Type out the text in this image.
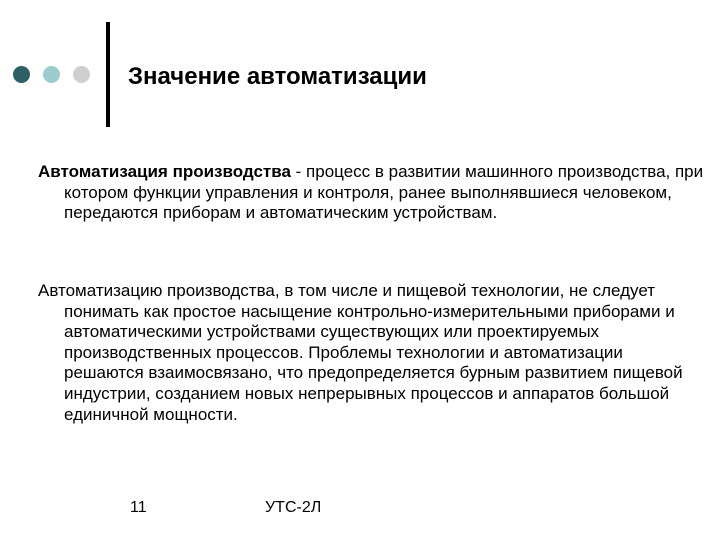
Значение автоматизации
Автоматизация производства - процесс в развитии машинного производства, при котором функции управления и контроля, ранее выполнявшиеся человеком, передаются приборам и автоматическим устройствам.
Автоматизацию производства, в том числе и пищевой технологии, не следует понимать как простое насыщение контрольно-измерительными приборами и автоматическими устройствами существующих или проектируемых производственных процессов. Проблемы технологии и автоматизации решаются взаимосвязано, что предопределяется бурным развитием пищевой индустрии, созданием новых непрерывных процессов и аппаратов большой единичной мощности.
11	УТС-2Л
